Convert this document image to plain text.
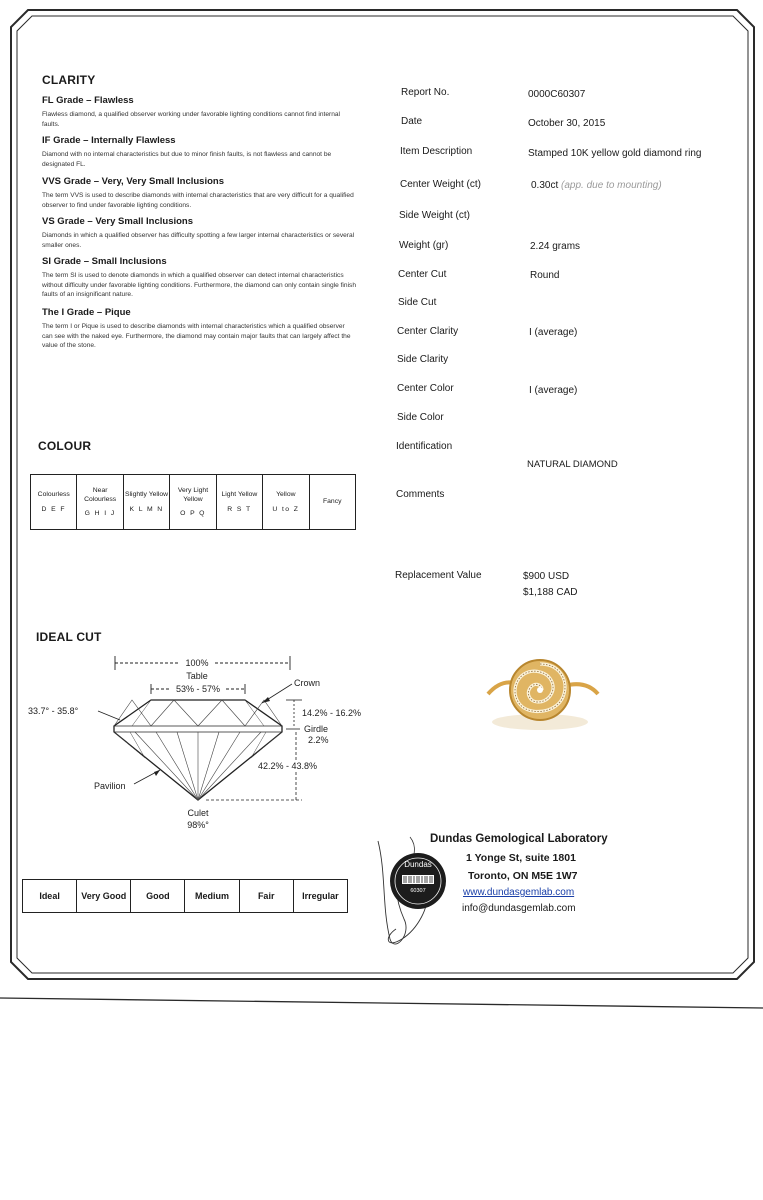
CLARITY
FL Grade – Flawless
Flawless diamond, a qualified observer working under favorable lighting conditions cannot find internal faults.
IF Grade – Internally Flawless
Diamond with no internal characteristics but due to minor finish faults, is not flawless and cannot be designated FL.
VVS Grade – Very, Very Small Inclusions
The term VVS is used to describe diamonds with internal characteristics that are very difficult for a qualified observer to find under favorable lighting conditions.
VS Grade – Very Small Inclusions
Diamonds in which a qualified observer has difficulty spotting a few larger internal characteristics or several smaller ones.
SI Grade – Small Inclusions
The term SI is used to denote diamonds in which a qualified observer can detect internal characteristics without difficulty under favorable lighting conditions. Furthermore, the diamond can only contain single finish faults of an insignificant nature.
The I Grade – Pique
The term I or Pique is used to describe diamonds with internal characteristics which a qualified observer can see with the naked eye. Furthermore, the diamond may contain major faults that can largely affect the value of the stone.
COLOUR
Colourless
D E F

Near Colourless
G H I J

Slightly Yellow
K L M N

Very Light Yellow
O P Q

Light Yellow
R S T

Yellow
U to Z

Fancy
IDEAL CUT
100%
Table
53% - 57%
33.7° - 35.8°
Crown
14.2% - 16.2%
Girdle
2.2%
42.2% - 43.8%
Pavilion
Culet
98%°
Ideal	Very Good	Good	Medium	Fair	Irregular
Report No.	0000C60307
Date	October 30, 2015
Item Description	Stamped 10K yellow gold diamond ring
Center Weight (ct)	0.30ct (app. due to mounting)
Side Weight (ct)
Weight (gr)	2.24 grams
Center Cut	Round
Side Cut
Center Clarity	I (average)
Side Clarity
Center Color	I (average)
Side Color
Identification
NATURAL DIAMOND
Comments
Replacement Value	$900 USD
$1,188 CAD
Dundas
60307
Dundas Gemological Laboratory
1 Yonge St, suite 1801
Toronto, ON M5E 1W7
www.dundasgemlab.com
info@dundasgemlab.com
